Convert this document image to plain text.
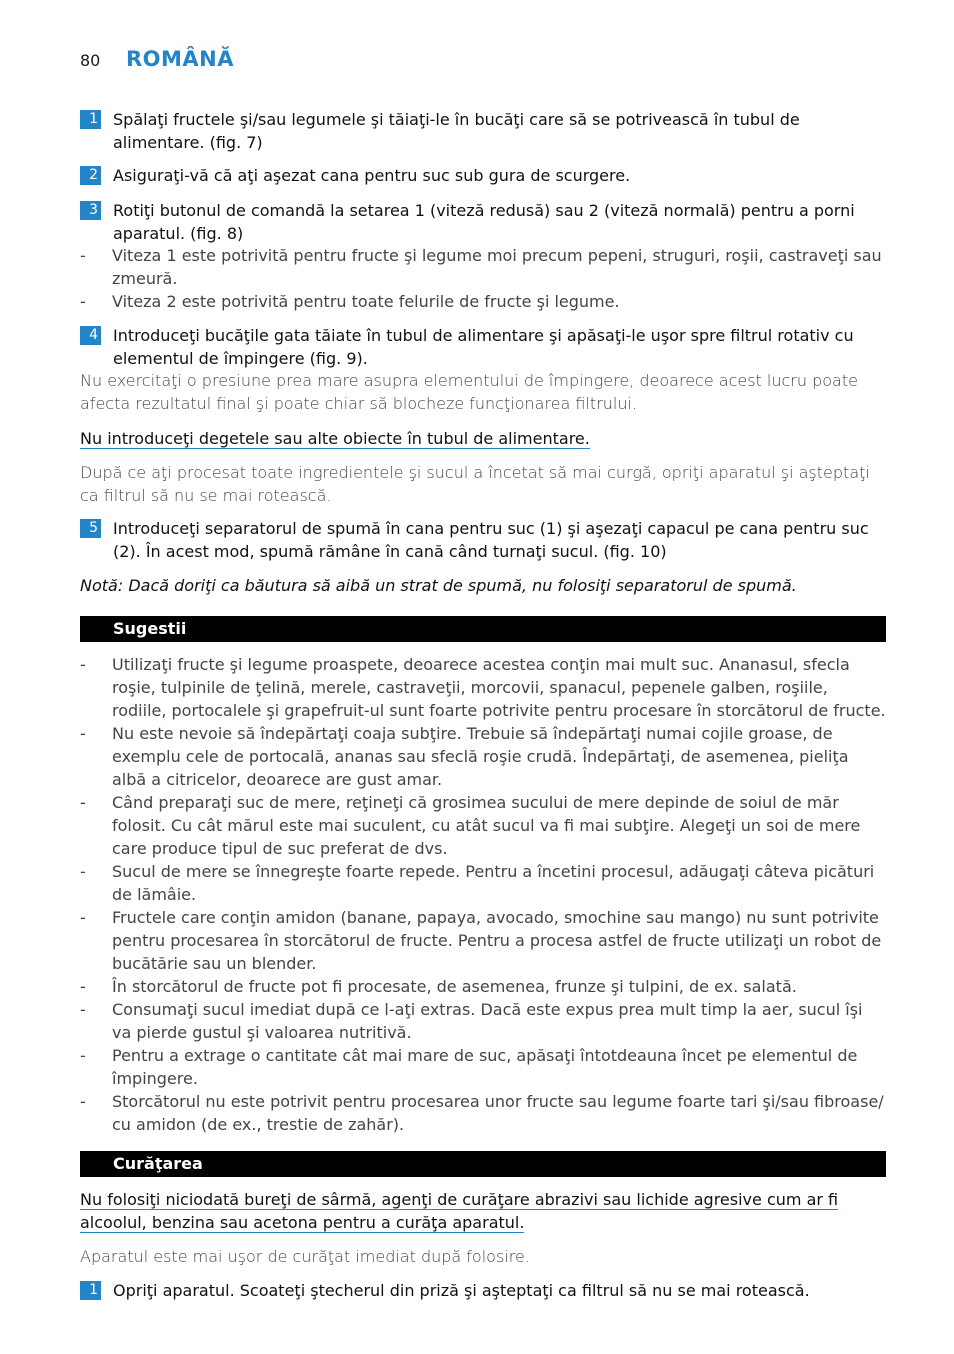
80	ROMÂNĂ
1 Spălaţi fructele şi/sau legumele şi tăiaţi-le în bucăţi care să se potrivească în tubul de alimentare. (fig. 7)
2 Asiguraţi-vă că aţi aşezat cana pentru suc sub gura de scurgere.
3 Rotiţi butonul de comandă la setarea 1 (viteză redusă) sau 2 (viteză normală) pentru a porni aparatul. (fig. 8)
-	Viteza 1 este potrivită pentru fructe şi legume moi precum pepeni, struguri, roşii, castraveţi sau zmeură.
-	Viteza 2 este potrivită pentru toate felurile de fructe şi legume.
4 Introduceţi bucăţile gata tăiate în tubul de alimentare şi apăsaţi-le uşor spre filtrul rotativ cu elementul de împingere (fig. 9).
Nu exercitaţi o presiune prea mare asupra elementului de împingere, deoarece acest lucru poate afecta rezultatul final şi poate chiar să blocheze funcţionarea filtrului.
Nu introduceţi degetele sau alte obiecte în tubul de alimentare.
După ce aţi procesat toate ingredientele şi sucul a încetat să mai curgă, opriţi aparatul şi aşteptaţi ca filtrul să nu se mai rotească.
5 Introduceţi separatorul de spumă în cana pentru suc (1) şi aşezaţi capacul pe cana pentru suc (2). În acest mod, spumă rămâne în cană când turnaţi sucul. (fig. 10)
Notă: Dacă doriţi ca băutura să aibă un strat de spumă, nu folosiţi separatorul de spumă.
Sugestii
-	Utilizaţi fructe şi legume proaspete, deoarece acestea conţin mai mult suc. Ananasul, sfecla roşie, tulpinile de ţelină, merele, castraveţii, morcovii, spanacul, pepenele galben, roşiile, rodiile, portocalele şi grapefruit-ul sunt foarte potrivite pentru procesare în storcătorul de fructe.
-	Nu este nevoie să îndepărtaţi coaja subţire. Trebuie să îndepărtaţi numai cojile groase, de exemplu cele de portocală, ananas sau sfeclă roşie crudă. Îndepărtaţi, de asemenea, pieliţa albă a citricelor, deoarece are gust amar.
-	Când preparaţi suc de mere, reţineţi că grosimea sucului de mere depinde de soiul de măr folosit. Cu cât mărul este mai suculent, cu atât sucul va fi mai subţire. Alegeţi un soi de mere care produce tipul de suc preferat de dvs.
-	Sucul de mere se înnegreşte foarte repede. Pentru a încetini procesul, adăugaţi câteva picături de lămâie.
-	Fructele care conţin amidon (banane, papaya, avocado, smochine sau mango) nu sunt potrivite pentru procesarea în storcătorul de fructe. Pentru a procesa astfel de fructe utilizaţi un robot de bucătărie sau un blender.
-	În storcătorul de fructe pot fi procesate, de asemenea, frunze şi tulpini, de ex. salată.
-	Consumaţi sucul imediat după ce l-aţi extras. Dacă este expus prea mult timp la aer, sucul îşi va pierde gustul şi valoarea nutritivă.
-	Pentru a extrage o cantitate cât mai mare de suc, apăsaţi întotdeauna încet pe elementul de împingere.
-	Storcătorul nu este potrivit pentru procesarea unor fructe sau legume foarte tari şi/sau fibroase/ cu amidon (de ex., trestie de zahăr).
Curăţarea
Nu folosiţi niciodată bureţi de sârmă, agenţi de curăţare abrazivi sau lichide agresive cum ar fi alcoolul, benzina sau acetona pentru a curăţa aparatul.
Aparatul este mai uşor de curăţat imediat după folosire.
1 Opriţi aparatul. Scoateţi ştecherul din priză şi aşteptaţi ca filtrul să nu se mai rotească.
